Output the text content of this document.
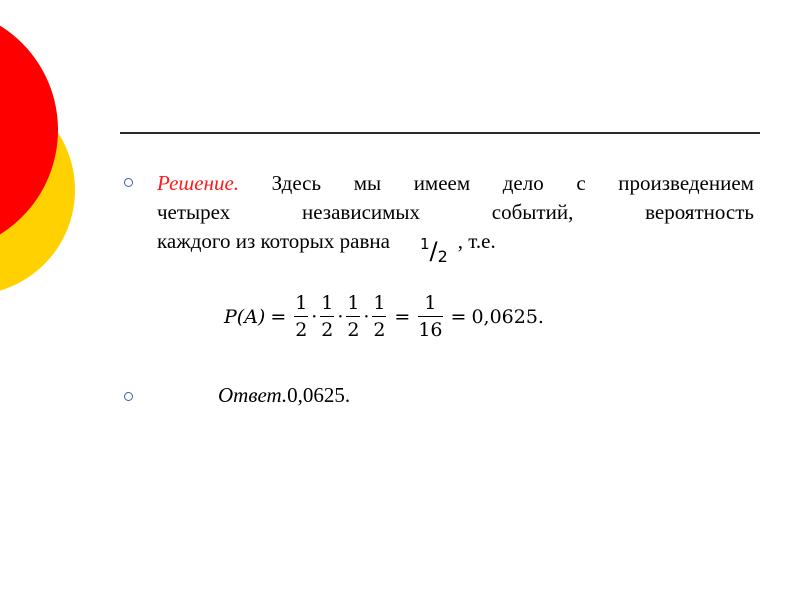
Решение. Здесь мы имеем дело с произведением
четырех	независимых	событий,	вероятность
каждого из которых равна $^1/_2$
, т.е.
$P(A) = \frac{1}{2} \cdot \frac{1}{2} \cdot \frac{1}{2} \cdot \frac{1}{2} = \frac{1}{16} = 0,0625$.
Ответ.0,0625.
